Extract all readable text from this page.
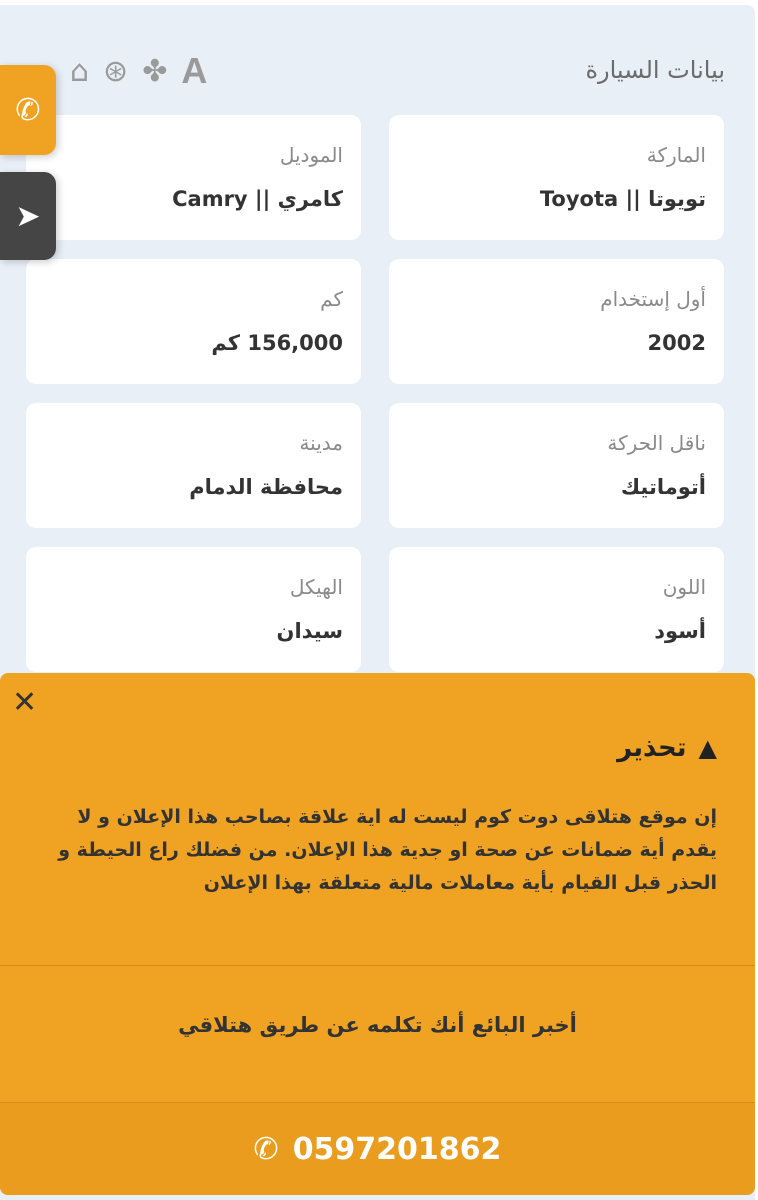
بيانات السيارة
⌂ ⊛ ✤ A
الماركة
تويوتا || Toyota
الموديل
كامري || Camry
أول إستخدام
2002
كم
156,000 كم
ناقل الحركة
أتوماتيك
مدينة
محافظة الدمام
اللون
أسود
الهيكل
سيدان
✆
➤
✕
▲
تحذير
إن موقع هتلاقى دوت كوم ليست له اية علاقة بصاحب هذا الإعلان و لا يقدم أية ضمانات عن صحة او جدية هذا الإعلان. من فضلك راع الحيطة و الحذر قبل القيام بأية معاملات مالية متعلقة بهذا الإعلان
أخبر البائع أنك تكلمه عن طريق هتلاقي
✆ 0597201862
